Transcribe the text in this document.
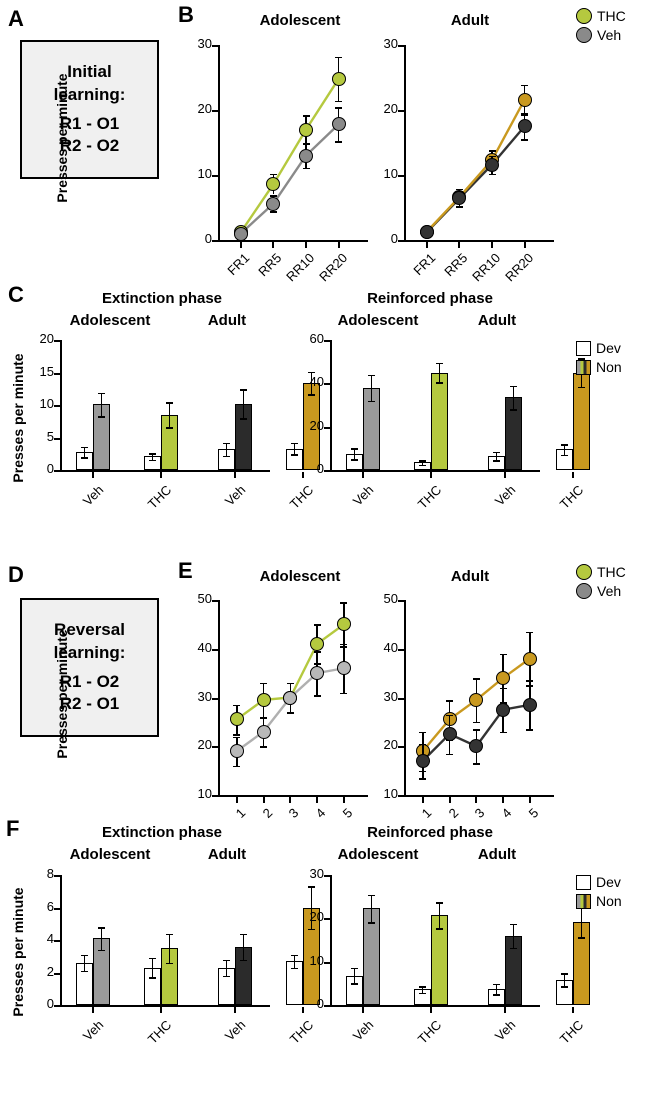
A
Initial
learning:
R1 - O1
R2 - O2
B	Adolescent	Adult
Presses per minute
0
10
20
30
FR1 RR5
RR10
RR20
0
10
20
30
FR1 RR5
RR10
RR20
THC
Veh
C	Extinction phase	Reinforced phase
Adolescent	Adult	Adolescent	Adult
Presses per minute	0
5
10
15
20
Veh	THC	Veh	THC
0
20
40
60
Veh	THC	Veh	THC
Dev
Non
D
Reversal
learning:
R1 - O2
R2 - O1
E	Adolescent	Adult
Presses per minute
10
20
30
40
50
1 2 3 4 5
10
20
30
40
50
1 2 3 4 5
THC
Veh
F	Extinction phase	Reinforced phase
Adolescent	Adult	Adolescent	Adult
Presses per minute	0
2
4
6
8
Veh	THC	Veh	THC
0
10
20
30
Veh	THC	Veh	THC
Dev
Non
